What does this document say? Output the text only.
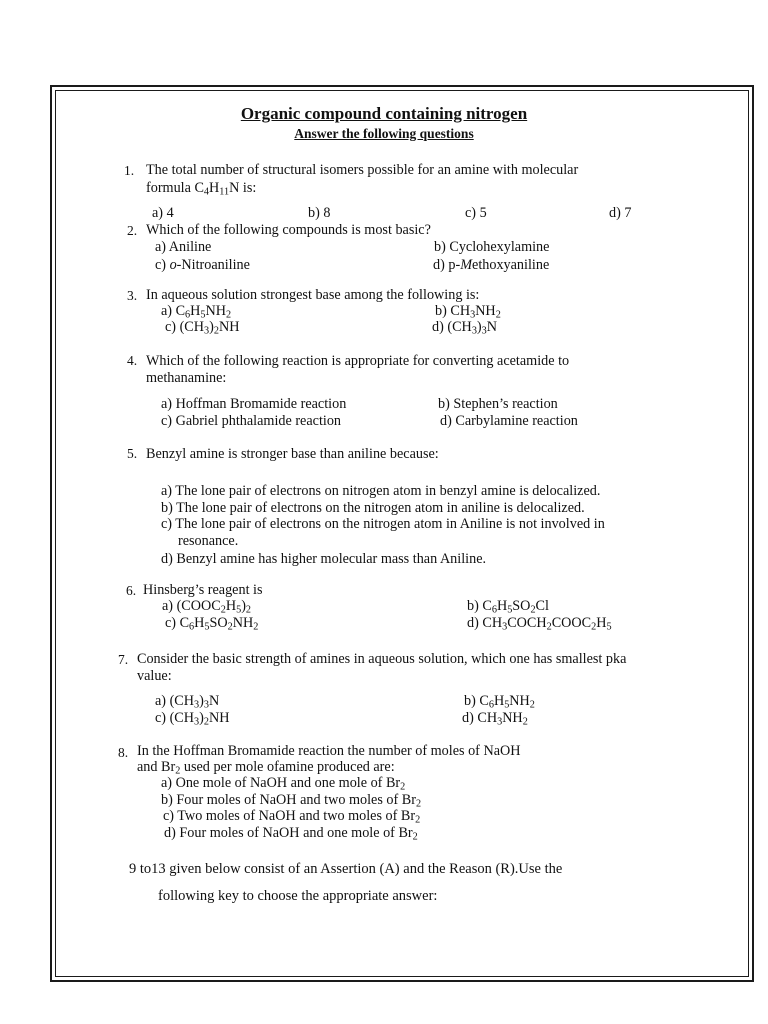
Organic compound containing nitrogen
Answer the following questions
1. The total number of structural isomers possible for an amine with molecular
formula $C_4H_{11}N$ is:
a) 4	b) 8	c) 5	d) 7
2. Which of the following compounds is most basic?
a) Aniline	b) Cyclohexylamine
c) o-Nitroaniline	d) p-Methoxyaniline
3. In aqueous solution strongest base among the following is:
a) $C_6H_5NH_2$	b) $CH_3NH_2$
c) $(CH_3)_2NH$	d) $(CH_3)_3N$
4. Which of the following reaction is appropriate for converting acetamide to
methanamine:
a) Hoffman Bromamide reaction	b) Stephen’s reaction
c) Gabriel phthalamide reaction	d) Carbylamine reaction
5. Benzyl amine is stronger base than aniline because:
a) The lone pair of electrons on nitrogen atom in benzyl amine is delocalized.
b) The lone pair of electrons on the nitrogen atom in aniline is delocalized.
c) The lone pair of electrons on the nitrogen atom in Aniline is not involved in
resonance.
d) Benzyl amine has higher molecular mass than Aniline.
6. Hinsberg’s reagent is
a) $(COOC_2H_5)_2$	b) $C_6H_5SO_2Cl$
c) $C_6H_5SO_2NH_2$	d) $CH_3COCH_2COOC_2H_5$
7. Consider the basic strength of amines in aqueous solution, which one has smallest pka
value:
a) $(CH_3)_3N$	b) $C_6H_5NH_2$
c) $(CH_3)_2NH$	d) $CH_3NH_2$
8. In the Hoffman Bromamide reaction the number of moles of NaOH
and $Br_2$ used per mole ofamine produced are:
a) One mole of NaOH and one mole of $Br_2$
b) Four moles of NaOH and two moles of $Br_2$
c) Two moles of NaOH and two moles of $Br_2$
d) Four moles of NaOH and one mole of $Br_2$
9 to13 given below consist of an Assertion (A) and the Reason (R).Use the
following key to choose the appropriate answer:
